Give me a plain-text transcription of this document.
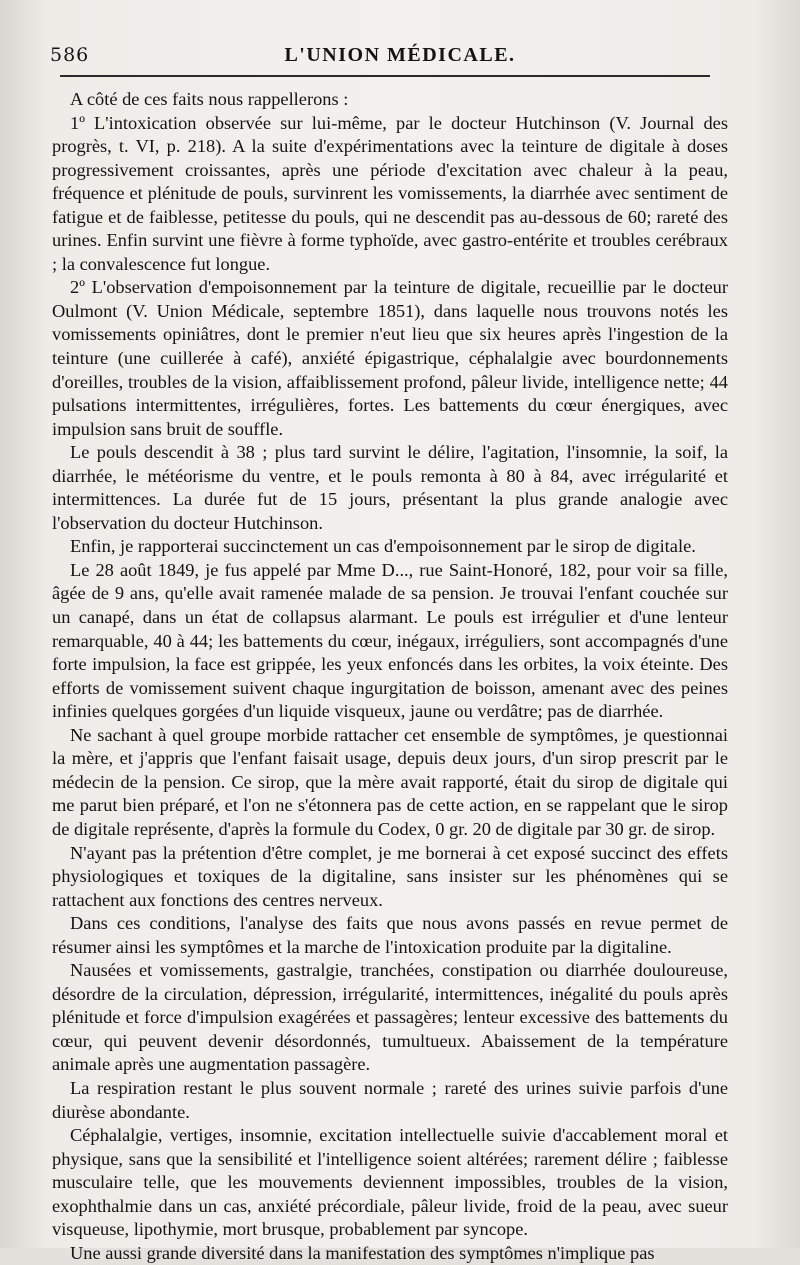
586	L'UNION MÉDICALE.

A côté de ces faits nous rappellerons :

1º L'intoxication observée sur lui-même, par le docteur Hutchinson (V. Journal des progrès, t. VI, p. 218). A la suite d'expérimentations avec la teinture de digitale à doses progressivement croissantes, après une période d'excitation avec chaleur à la peau, fréquence et plénitude de pouls, survinrent les vomissements, la diarrhée avec sentiment de fatigue et de faiblesse, petitesse du pouls, qui ne descendit pas au-dessous de 60; rareté des urines. Enfin survint une fièvre à forme typhoïde, avec gastro-entérite et troubles cerébraux ; la convalescence fut longue.

2º L'observation d'empoisonnement par la teinture de digitale, recueillie par le docteur Oulmont (V. Union Médicale, septembre 1851), dans laquelle nous trouvons notés les vomissements opiniâtres, dont le premier n'eut lieu que six heures après l'ingestion de la teinture (une cuillerée à café), anxiété épigastrique, céphalalgie avec bourdonnements d'oreilles, troubles de la vision, affaiblissement profond, pâleur livide, intelligence nette; 44 pulsations intermittentes, irrégulières, fortes. Les battements du cœur énergiques, avec impulsion sans bruit de souffle.

Le pouls descendit à 38 ; plus tard survint le délire, l'agitation, l'insomnie, la soif, la diarrhée, le météorisme du ventre, et le pouls remonta à 80 à 84, avec irrégularité et intermittences. La durée fut de 15 jours, présentant la plus grande analogie avec l'observation du docteur Hutchinson.

Enfin, je rapporterai succinctement un cas d'empoisonnement par le sirop de digitale.

Le 28 août 1849, je fus appelé par Mme D..., rue Saint-Honoré, 182, pour voir sa fille, âgée de 9 ans, qu'elle avait ramenée malade de sa pension. Je trouvai l'enfant couchée sur un canapé, dans un état de collapsus alarmant. Le pouls est irrégulier et d'une lenteur remarquable, 40 à 44; les battements du cœur, inégaux, irréguliers, sont accompagnés d'une forte impulsion, la face est grippée, les yeux enfoncés dans les orbites, la voix éteinte. Des efforts de vomissement suivent chaque ingurgitation de boisson, amenant avec des peines infinies quelques gorgées d'un liquide visqueux, jaune ou verdâtre; pas de diarrhée.

Ne sachant à quel groupe morbide rattacher cet ensemble de symptômes, je questionnai la mère, et j'appris que l'enfant faisait usage, depuis deux jours, d'un sirop prescrit par le médecin de la pension. Ce sirop, que la mère avait rapporté, était du sirop de digitale qui me parut bien préparé, et l'on ne s'étonnera pas de cette action, en se rappelant que le sirop de digitale représente, d'après la formule du Codex, 0 gr. 20 de digitale par 30 gr. de sirop.

N'ayant pas la prétention d'être complet, je me bornerai à cet exposé succinct des effets physiologiques et toxiques de la digitaline, sans insister sur les phénomènes qui se rattachent aux fonctions des centres nerveux.

Dans ces conditions, l'analyse des faits que nous avons passés en revue permet de résumer ainsi les symptômes et la marche de l'intoxication produite par la digitaline.

Nausées et vomissements, gastralgie, tranchées, constipation ou diarrhée douloureuse, désordre de la circulation, dépression, irrégularité, intermittences, inégalité du pouls après plénitude et force d'impulsion exagérées et passagères; lenteur excessive des battements du cœur, qui peuvent devenir désordonnés, tumultueux. Abaissement de la température animale après une augmentation passagère.

La respiration restant le plus souvent normale ; rareté des urines suivie parfois d'une diurèse abondante.

Céphalalgie, vertiges, insomnie, excitation intellectuelle suivie d'accablement moral et physique, sans que la sensibilité et l'intelligence soient altérées; rarement délire ; faiblesse musculaire telle, que les mouvements deviennent impossibles, troubles de la vision, exophthalmie dans un cas, anxiété précordiale, pâleur livide, froid de la peau, avec sueur visqueuse, lipothymie, mort brusque, probablement par syncope.

Une aussi grande diversité dans la manifestation des symptômes n'implique pas
